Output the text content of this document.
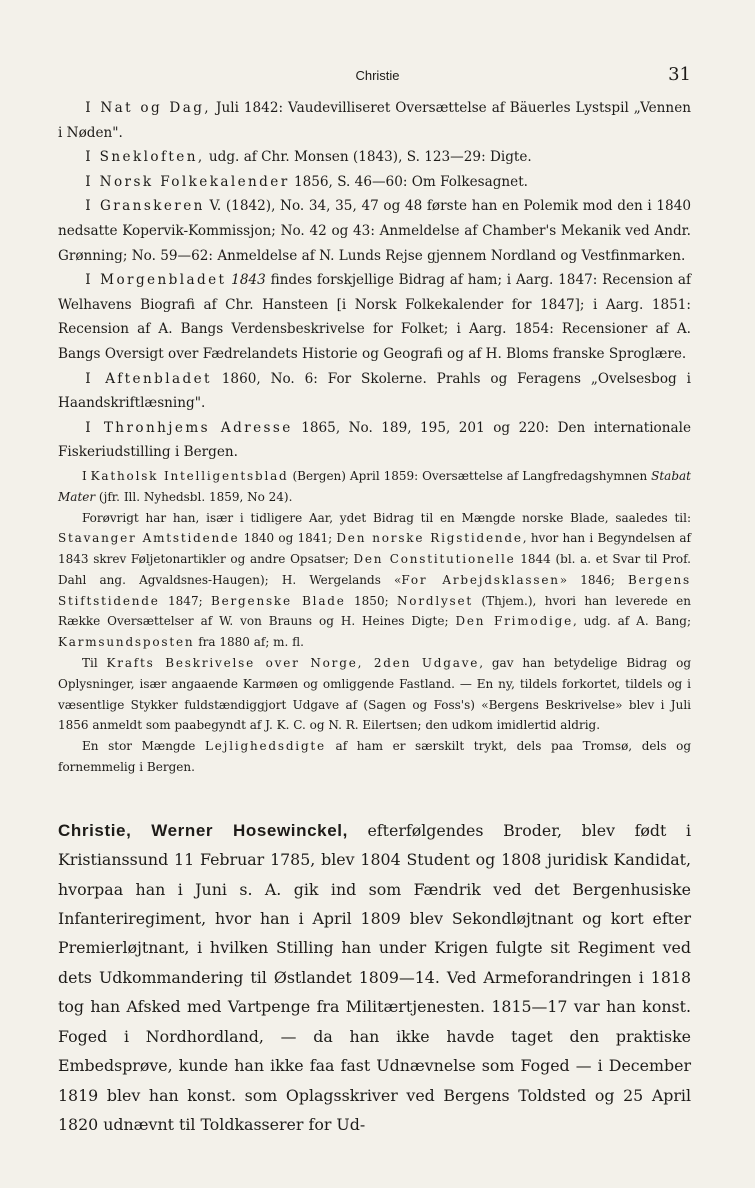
Christie	31

I Nat og Dag, Juli 1842: Vaudevilliseret Oversættelse af Bäuerles Lystspil „Vennen i Nøden".

I Snekloften, udg. af Chr. Monsen (1843), S. 123—29: Digte.

I Norsk Folkekalender 1856, S. 46—60: Om Folkesagnet.

I Granskeren V. (1842), No. 34, 35, 47 og 48 første han en Polemik mod den i 1840 nedsatte Kopervik-Kommissjon; No. 42 og 43: Anmeldelse af Chamber's Mekanik ved Andr. Grønning; No. 59—62: Anmeldelse af N. Lunds Rejse gjennem Nordland og Vestfinmarken.

I Morgenbladet 1843 findes forskjellige Bidrag af ham; i Aarg. 1847: Recension af Welhavens Biografi af Chr. Hansteen [i Norsk Folkekalender for 1847]; i Aarg. 1851: Recension af A. Bangs Verdensbeskrivelse for Folket; i Aarg. 1854: Recensioner af A. Bangs Oversigt over Fædrelandets Historie og Geografi og af H. Bloms franske Sproglære.

I Aftenbladet 1860, No. 6: For Skolerne. Prahls og Feragens „Ovelsesbog i Haandskriftlæsning".

I Thronhjems Adresse 1865, No. 189, 195, 201 og 220: Den internationale Fiskeriudstilling i Bergen.

I Katholsk Intelligentsblad (Bergen) April 1859: Oversættelse af Langfredagshymnen Stabat Mater (jfr. Ill. Nyhedsbl. 1859, No 24).

Forøvrigt har han, især i tidligere Aar, ydet Bidrag til en Mængde norske Blade, saaledes til: Stavanger Amtstidende 1840 og 1841; Den norske Rigstidende, hvor han i Begyndelsen af 1843 skrev Føljetonartikler og andre Opsatser; Den Constitutionelle 1844 (bl. a. et Svar til Prof. Dahl ang. Agvaldsnes-Haugen); H. Wergelands «For Arbejdsklassen» 1846; Bergens Stiftstidende 1847; Bergenske Blade 1850; Nordlyset (Thjem.), hvori han leverede en Række Oversættelser af W. von Brauns og H. Heines Digte; Den Frimodige, udg. af A. Bang; Karmsundsposten fra 1880 af; m. fl.

Til Krafts Beskrivelse over Norge, 2den Udgave, gav han betydelige Bidrag og Oplysninger, især angaaende Karmøen og omliggende Fastland. — En ny, tildels forkortet, tildels og i væsentlige Stykker fuldstændiggjort Udgave af (Sagen og Foss's) «Bergens Beskrivelse» blev i Juli 1856 anmeldt som paabegyndt af J. K. C. og N. R. Eilertsen; den udkom imidlertid aldrig.

En stor Mængde Lejlighedsdigte af ham er særskilt trykt, dels paa Tromsø, dels og fornemmelig i Bergen.

Christie, Werner Hosewinckel, efterfølgendes Broder, blev født i Kristianssund 11 Februar 1785, blev 1804 Student og 1808 juridisk Kandidat, hvorpaa han i Juni s. A. gik ind som Fændrik ved det Bergenhusiske Infanteriregiment, hvor han i April 1809 blev Sekondløjtnant og kort efter Premierløjtnant, i hvilken Stilling han under Krigen fulgte sit Regiment ved dets Udkommandering til Østlandet 1809—14. Ved Armeforandringen i 1818 tog han Afsked med Vartpenge fra Militærtjenesten. 1815—17 var han konst. Foged i Nordhordland, — da han ikke havde taget den praktiske Embedsprøve, kunde han ikke faa fast Udnævnelse som Foged — i December 1819 blev han konst. som Oplagsskriver ved Bergens Toldsted og 25 April 1820 udnævnt til Toldkasserer for Ud-
